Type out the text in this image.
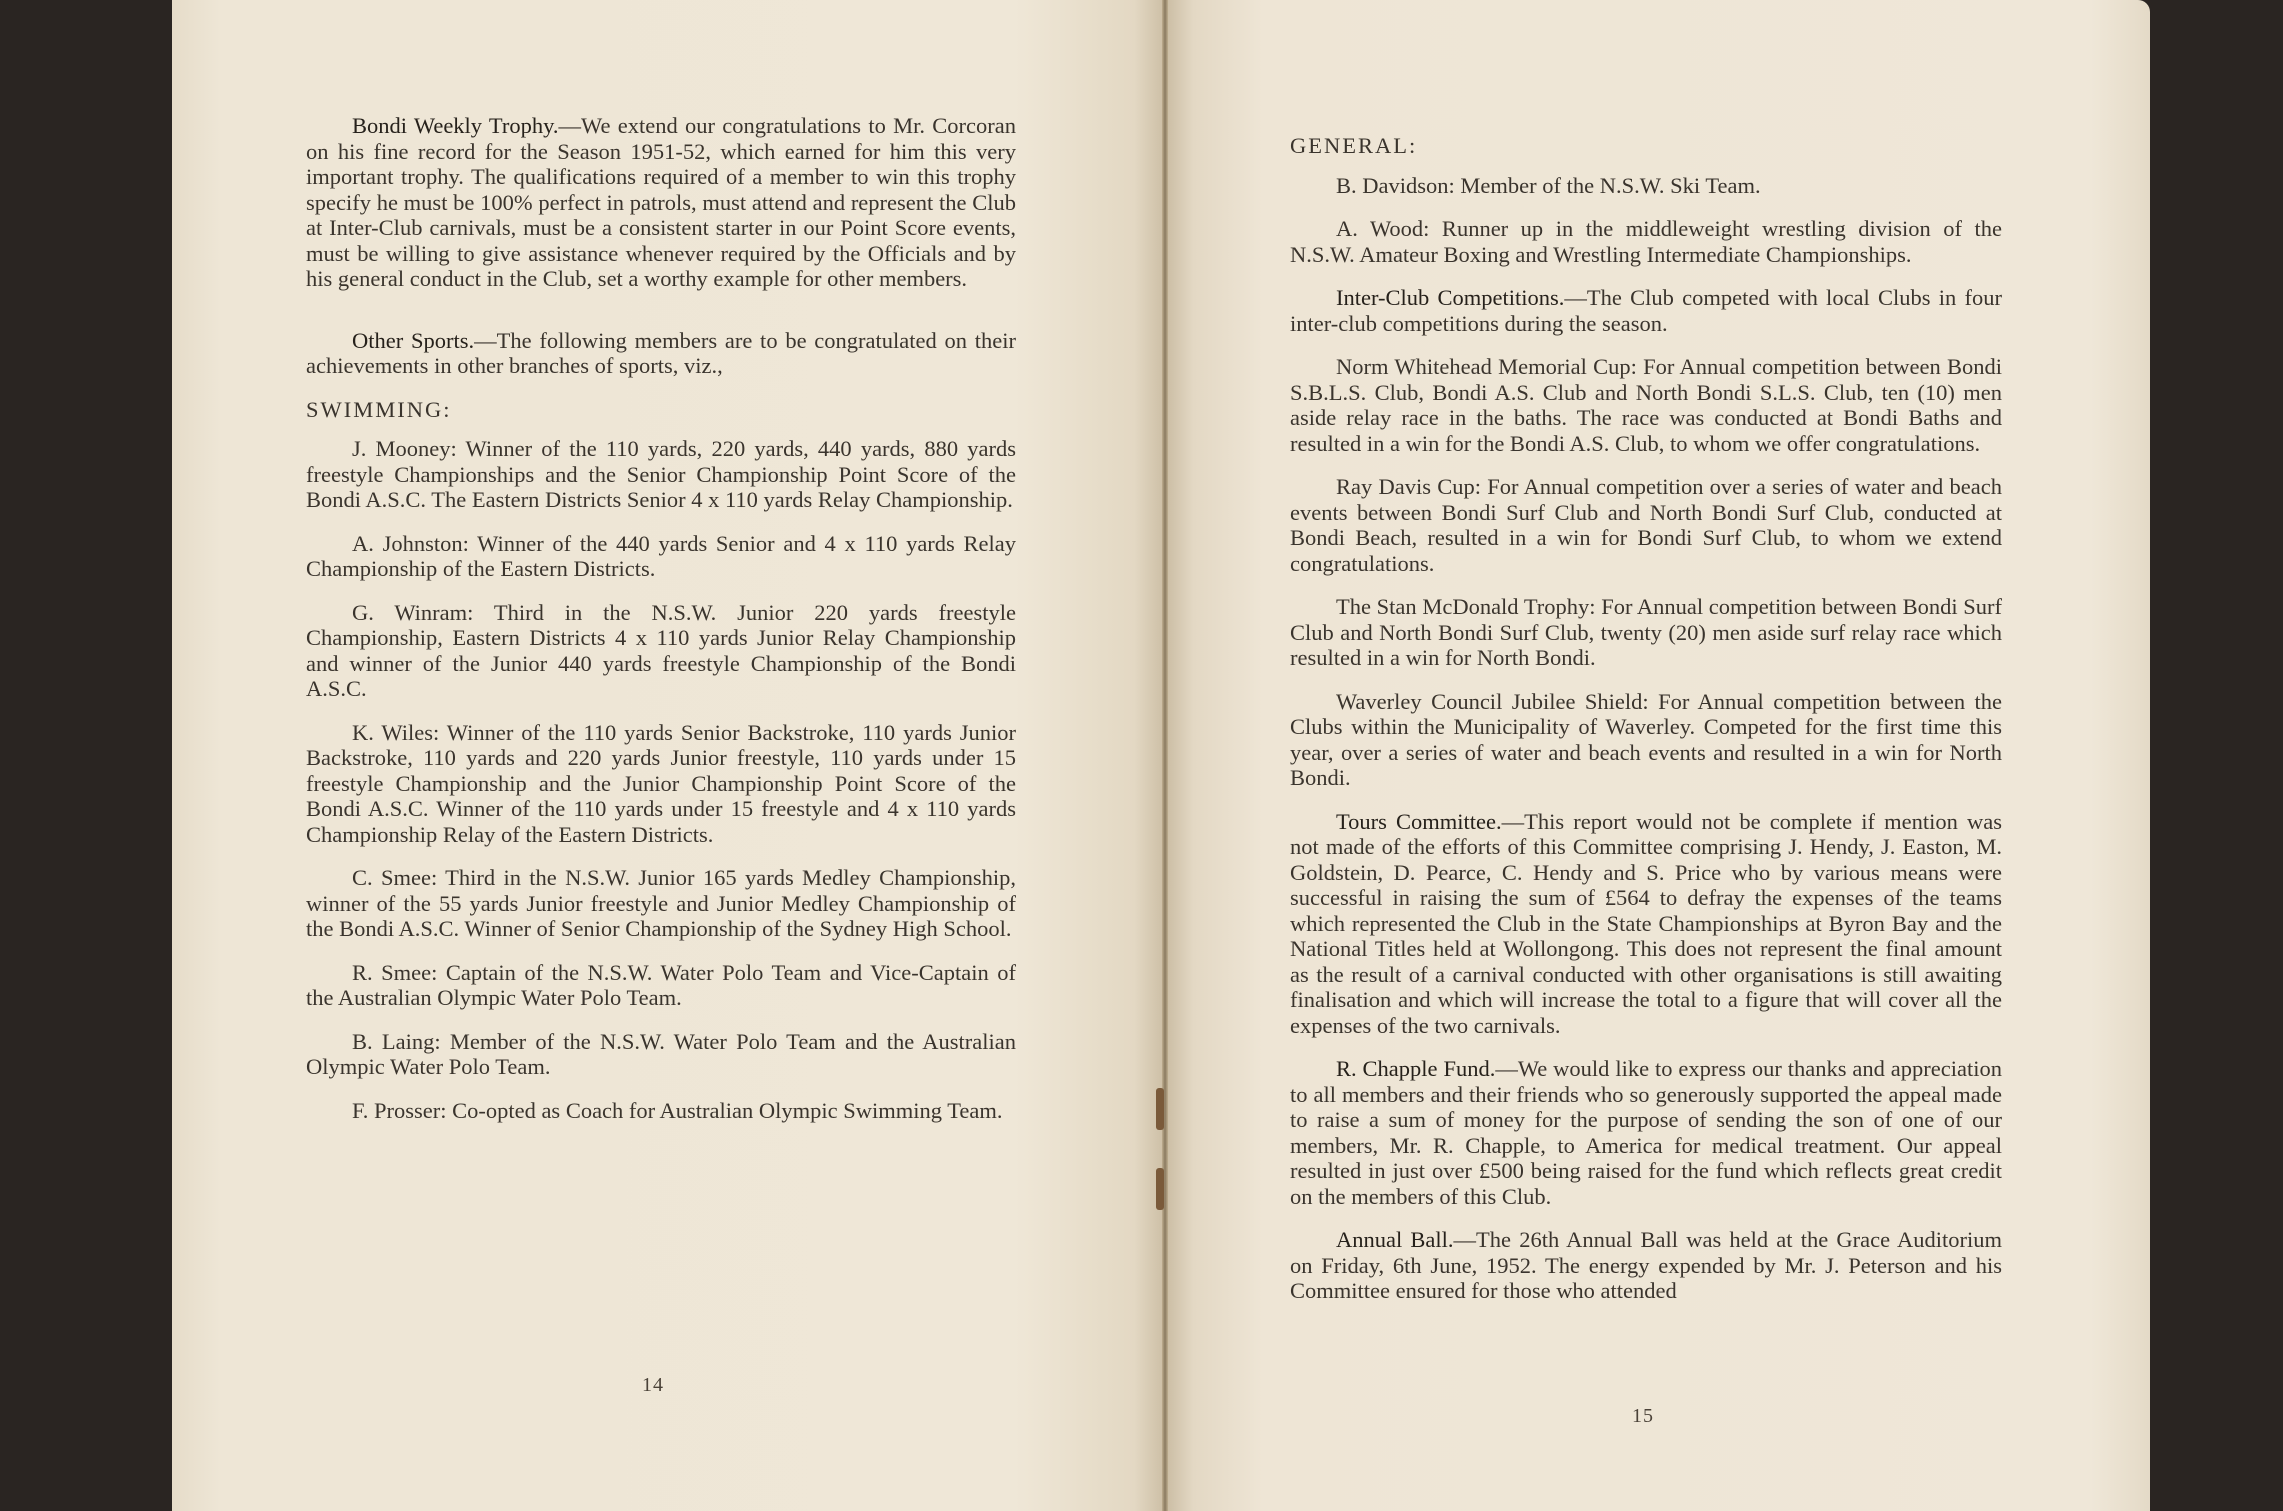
Bondi Weekly Trophy.—We extend our congratulations to Mr. Corcoran on his fine record for the Season 1951-52, which earned for him this very important trophy. The qualifications required of a member to win this trophy specify he must be 100% perfect in patrols, must attend and represent the Club at Inter-Club carnivals, must be a consistent starter in our Point Score events, must be willing to give assistance whenever required by the Officials and by his general conduct in the Club, set a worthy example for other members.

Other Sports.—The following members are to be congratulated on their achievements in other branches of sports, viz.,

SWIMMING:

J. Mooney: Winner of the 110 yards, 220 yards, 440 yards, 880 yards freestyle Championships and the Senior Championship Point Score of the Bondi A.S.C. The Eastern Districts Senior 4 x 110 yards Relay Championship.

A. Johnston: Winner of the 440 yards Senior and 4 x 110 yards Relay Championship of the Eastern Districts.

G. Winram: Third in the N.S.W. Junior 220 yards freestyle Championship, Eastern Districts 4 x 110 yards Junior Relay Championship and winner of the Junior 440 yards freestyle Championship of the Bondi A.S.C.

K. Wiles: Winner of the 110 yards Senior Backstroke, 110 yards Junior Backstroke, 110 yards and 220 yards Junior freestyle, 110 yards under 15 freestyle Championship and the Junior Championship Point Score of the Bondi A.S.C. Winner of the 110 yards under 15 freestyle and 4 x 110 yards Championship Relay of the Eastern Districts.

C. Smee: Third in the N.S.W. Junior 165 yards Medley Championship, winner of the 55 yards Junior freestyle and Junior Medley Championship of the Bondi A.S.C. Winner of Senior Championship of the Sydney High School.

R. Smee: Captain of the N.S.W. Water Polo Team and Vice-Captain of the Australian Olympic Water Polo Team.

B. Laing: Member of the N.S.W. Water Polo Team and the Australian Olympic Water Polo Team.

F. Prosser: Co-opted as Coach for Australian Olympic Swimming Team.

14

GENERAL:

B. Davidson: Member of the N.S.W. Ski Team.

A. Wood: Runner up in the middleweight wrestling division of the N.S.W. Amateur Boxing and Wrestling Intermediate Championships.

Inter-Club Competitions.—The Club competed with local Clubs in four inter-club competitions during the season.

Norm Whitehead Memorial Cup: For Annual competition between Bondi S.B.L.S. Club, Bondi A.S. Club and North Bondi S.L.S. Club, ten (10) men aside relay race in the baths. The race was conducted at Bondi Baths and resulted in a win for the Bondi A.S. Club, to whom we offer congratulations.

Ray Davis Cup: For Annual competition over a series of water and beach events between Bondi Surf Club and North Bondi Surf Club, conducted at Bondi Beach, resulted in a win for Bondi Surf Club, to whom we extend congratulations.

The Stan McDonald Trophy: For Annual competition between Bondi Surf Club and North Bondi Surf Club, twenty (20) men aside surf relay race which resulted in a win for North Bondi.

Waverley Council Jubilee Shield: For Annual competition between the Clubs within the Municipality of Waverley. Competed for the first time this year, over a series of water and beach events and resulted in a win for North Bondi.

Tours Committee.—This report would not be complete if mention was not made of the efforts of this Committee comprising J. Hendy, J. Easton, M. Goldstein, D. Pearce, C. Hendy and S. Price who by various means were successful in raising the sum of £564 to defray the expenses of the teams which represented the Club in the State Championships at Byron Bay and the National Titles held at Wollongong. This does not represent the final amount as the result of a carnival conducted with other organisations is still awaiting finalisation and which will increase the total to a figure that will cover all the expenses of the two carnivals.

R. Chapple Fund.—We would like to express our thanks and appreciation to all members and their friends who so generously supported the appeal made to raise a sum of money for the purpose of sending the son of one of our members, Mr. R. Chapple, to America for medical treatment. Our appeal resulted in just over £500 being raised for the fund which reflects great credit on the members of this Club.

Annual Ball.—The 26th Annual Ball was held at the Grace Auditorium on Friday, 6th June, 1952. The energy expended by Mr. J. Peterson and his Committee ensured for those who attended

15
